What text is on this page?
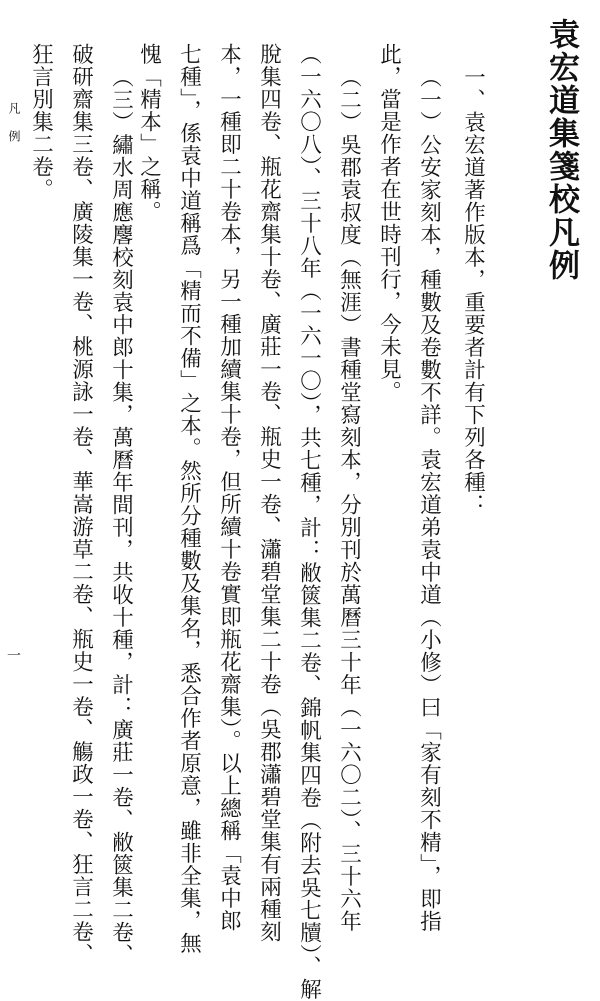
袁宏道集箋校凡例
一、袁宏道著作版本，重要者計有下列各種：
（一）公安家刻本，種數及卷數不詳。袁宏道弟袁中道（小修）曰「家有刻不精」，即指
此，當是作者在世時刊行，今未見。
（二）吳郡袁叔度（無涯）書種堂寫刻本，分別刊於萬曆三十年（一六〇二）、三十六年
（一六〇八）、三十八年（一六一〇），共七種，計：敝篋集二卷、錦帆集四卷（附去吳七牘）、解
脫集四卷、瓶花齋集十卷、廣莊一卷、瓶史一卷、瀟碧堂集二十卷（吳郡瀟碧堂集有兩種刻
本，一種即二十卷本，另一種加續集十卷，但所續十卷實即瓶花齋集）。以上總稱「袁中郎
七種」，係袁中道稱爲「精而不備」之本。然所分種數及集名，悉合作者原意，雖非全集，無
愧「精本」之稱。
（三）繡水周應麐校刻袁中郎十集，萬曆年間刊，共收十種，計：廣莊一卷、敝篋集二卷、
破研齋集三卷、廣陵集一卷、桃源詠一卷、華嵩游草二卷、瓶史一卷、觴政一卷、狂言二卷、
狂言別集二卷。
凡例
一
